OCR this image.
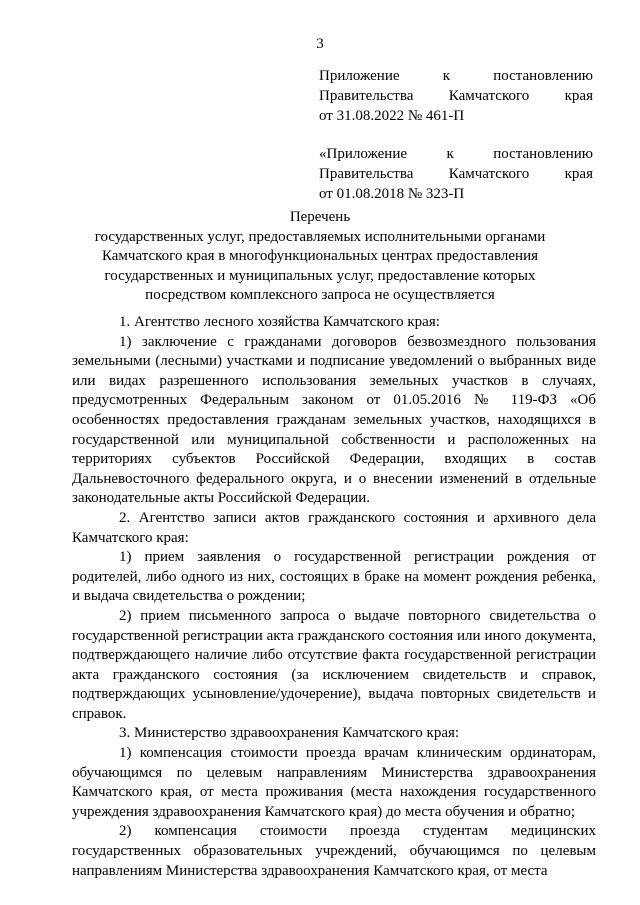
3
Приложение к постановлению
Правительства Камчатского края
от 31.08.2022 № 461-П
«Приложение к постановлению
Правительства Камчатского края
от 01.08.2018 № 323-П
Перечень
государственных услуг, предоставляемых исполнительными органами
Камчатского края в многофункциональных центрах предоставления
государственных и муниципальных услуг, предоставление которых
посредством комплексного запроса не осуществляется

1. Агентство лесного хозяйства Камчатского края:

1) заключение с гражданами договоров безвозмездного пользования земельными (лесными) участками и подписание уведомлений о выбранных виде или видах разрешенного использования земельных участков в случаях, предусмотренных Федеральным законом от 01.05.2016 № 119-ФЗ «Об особенностях предоставления гражданам земельных участков, находящихся в государственной или муниципальной собственности и расположенных на территориях субъектов Российской Федерации, входящих в состав Дальневосточного федерального округа, и о внесении изменений в отдельные законодательные акты Российской Федерации.

2. Агентство записи актов гражданского состояния и архивного дела Камчатского края:

1) прием заявления о государственной регистрации рождения от родителей, либо одного из них, состоящих в браке на момент рождения ребенка, и выдача свидетельства о рождении;

2) прием письменного запроса о выдаче повторного свидетельства о государственной регистрации акта гражданского состояния или иного документа, подтверждающего наличие либо отсутствие факта государственной регистрации акта гражданского состояния (за исключением свидетельств и справок, подтверждающих усыновление/удочерение), выдача повторных свидетельств и справок.

3. Министерство здравоохранения Камчатского края:

1) компенсация стоимости проезда врачам клиническим ординаторам, обучающимся по целевым направлениям Министерства здравоохранения Камчатского края, от места проживания (места нахождения государственного учреждения здравоохранения Камчатского края) до места обучения и обратно;

2) компенсация стоимости проезда студентам медицинских государственных образовательных учреждений, обучающимся по целевым направлениям Министерства здравоохранения Камчатского края, от места
